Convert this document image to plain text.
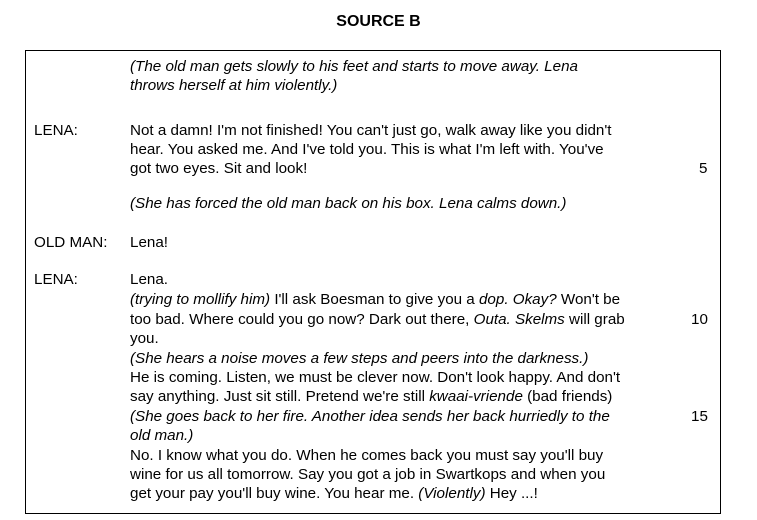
SOURCE B
(The old man gets slowly to his feet and starts to move away. Lena
throws herself at him violently.)
LENA:	Not a damn! I'm not finished! You can't just go, walk away like you didn't
hear. You asked me. And I've told you. This is what I'm left with. You've
got two eyes. Sit and look!	5
(She has forced the old man back on his box. Lena calms down.)
OLD MAN: Lena!
LENA:	Lena.
(trying to mollify him) I'll ask Boesman to give you a dop. Okay? Won't be
too bad. Where could you go now? Dark out there, Outa. Skelms will grab	10
you.
(She hears a noise moves a few steps and peers into the darkness.)
He is coming. Listen, we must be clever now. Don't look happy. And don't
say anything. Just sit still. Pretend we're still kwaai-vriende (bad friends)
(She goes back to her fire. Another idea sends her back hurriedly to the	15
old man.)
No. I know what you do. When he comes back you must say you'll buy
wine for us all tomorrow. Say you got a job in Swartkops and when you
get your pay you'll buy wine. You hear me. (Violently) Hey ...!
